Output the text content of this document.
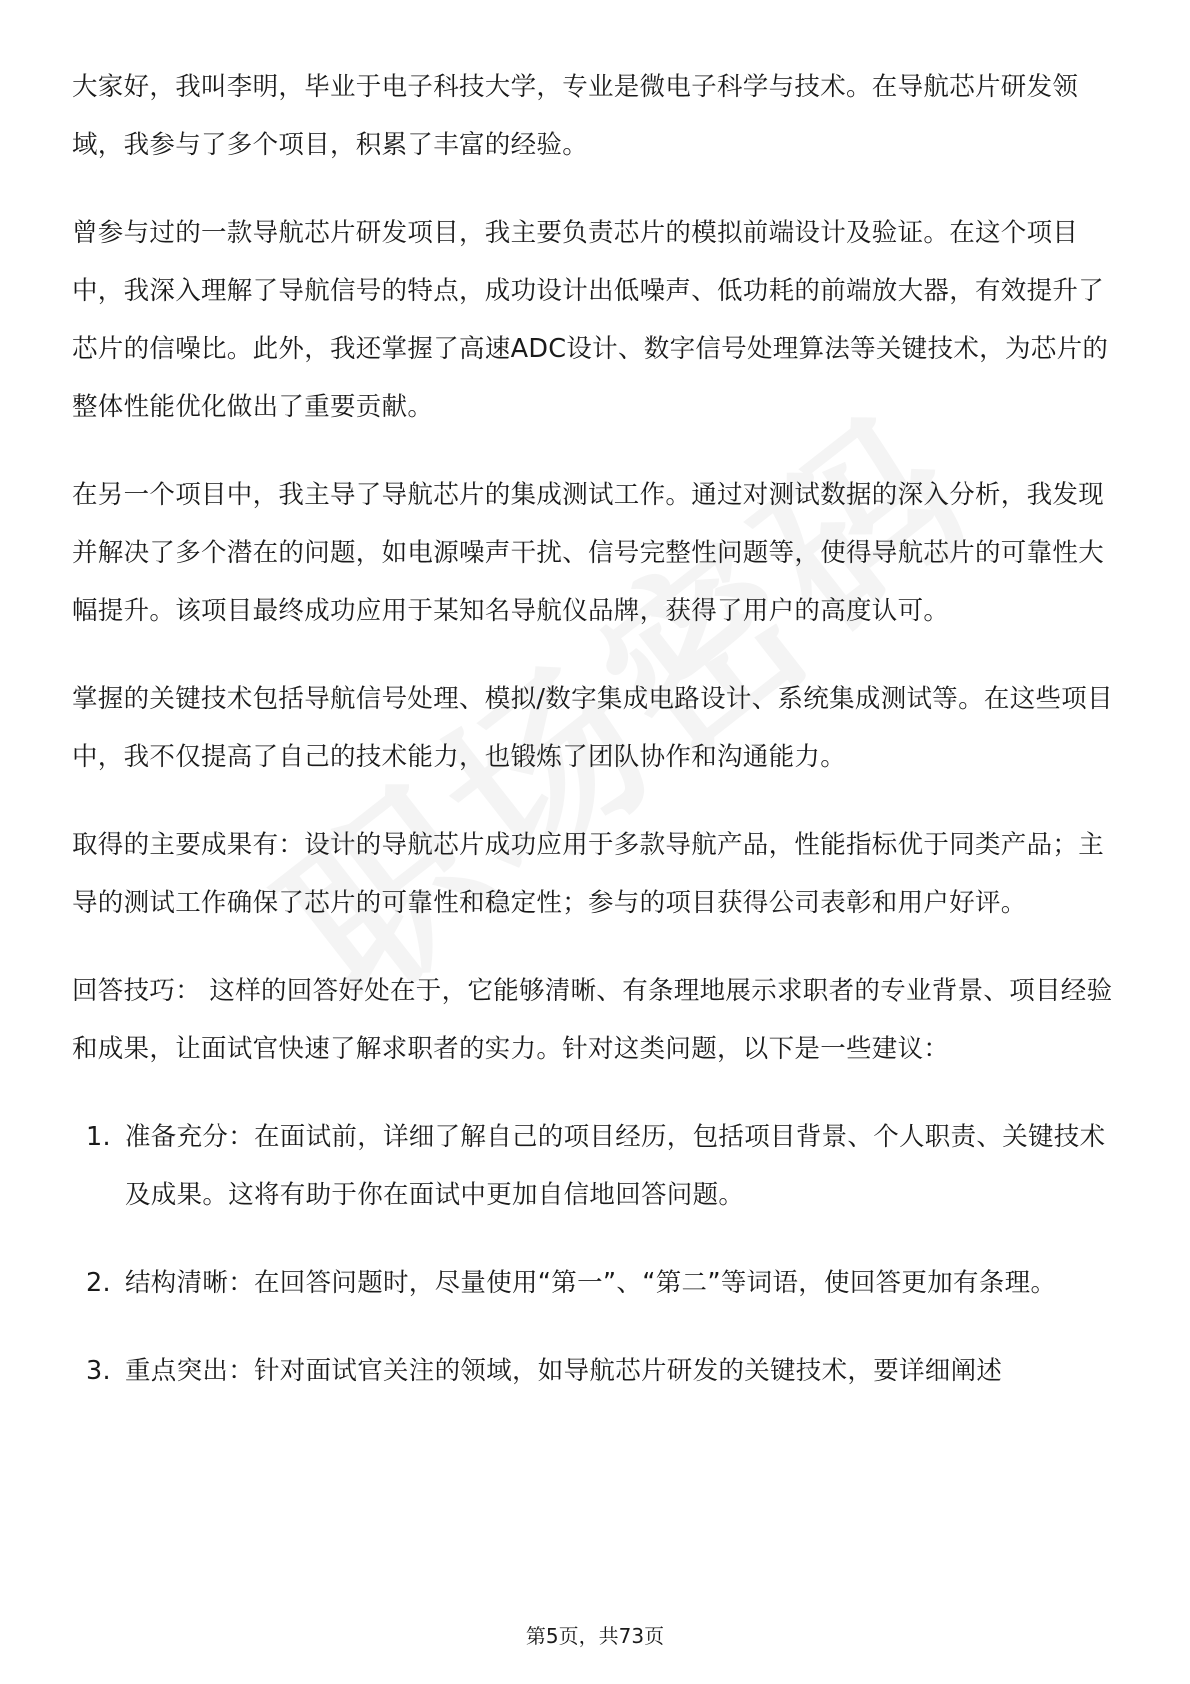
大家好，我叫李明，毕业于电子科技大学，专业是微电子科学与技术。在导航芯片研发领域，我参与了多个项目，积累了丰富的经验。

曾参与过的一款导航芯片研发项目，我主要负责芯片的模拟前端设计及验证。在这个项目中，我深入理解了导航信号的特点，成功设计出低噪声、低功耗的前端放大器，有效提升了芯片的信噪比。此外，我还掌握了高速ADC设计、数字信号处理算法等关键技术，为芯片的整体性能优化做出了重要贡献。

在另一个项目中，我主导了导航芯片的集成测试工作。通过对测试数据的深入分析，我发现并解决了多个潜在的问题，如电源噪声干扰、信号完整性问题等，使得导航芯片的可靠性大幅提升。该项目最终成功应用于某知名导航仪品牌，获得了用户的高度认可。

掌握的关键技术包括导航信号处理、模拟/数字集成电路设计、系统集成测试等。在这些项目中，我不仅提高了自己的技术能力，也锻炼了团队协作和沟通能力。

取得的主要成果有：设计的导航芯片成功应用于多款导航产品，性能指标优于同类产品；主导的测试工作确保了芯片的可靠性和稳定性；参与的项目获得公司表彰和用户好评。

回答技巧： 这样的回答好处在于，它能够清晰、有条理地展示求职者的专业背景、项目经验和成果，让面试官快速了解求职者的实力。针对这类问题，以下是一些建议：

1. 准备充分：在面试前，详细了解自己的项目经历，包括项目背景、个人职责、关键技术及成果。这将有助于你在面试中更加自信地回答问题。
2. 结构清晰：在回答问题时，尽量使用“第一”、“第二”等词语，使回答更加有条理。
3. 重点突出：针对面试官关注的领域，如导航芯片研发的关键技术，要详细阐述
第5页，共73页
